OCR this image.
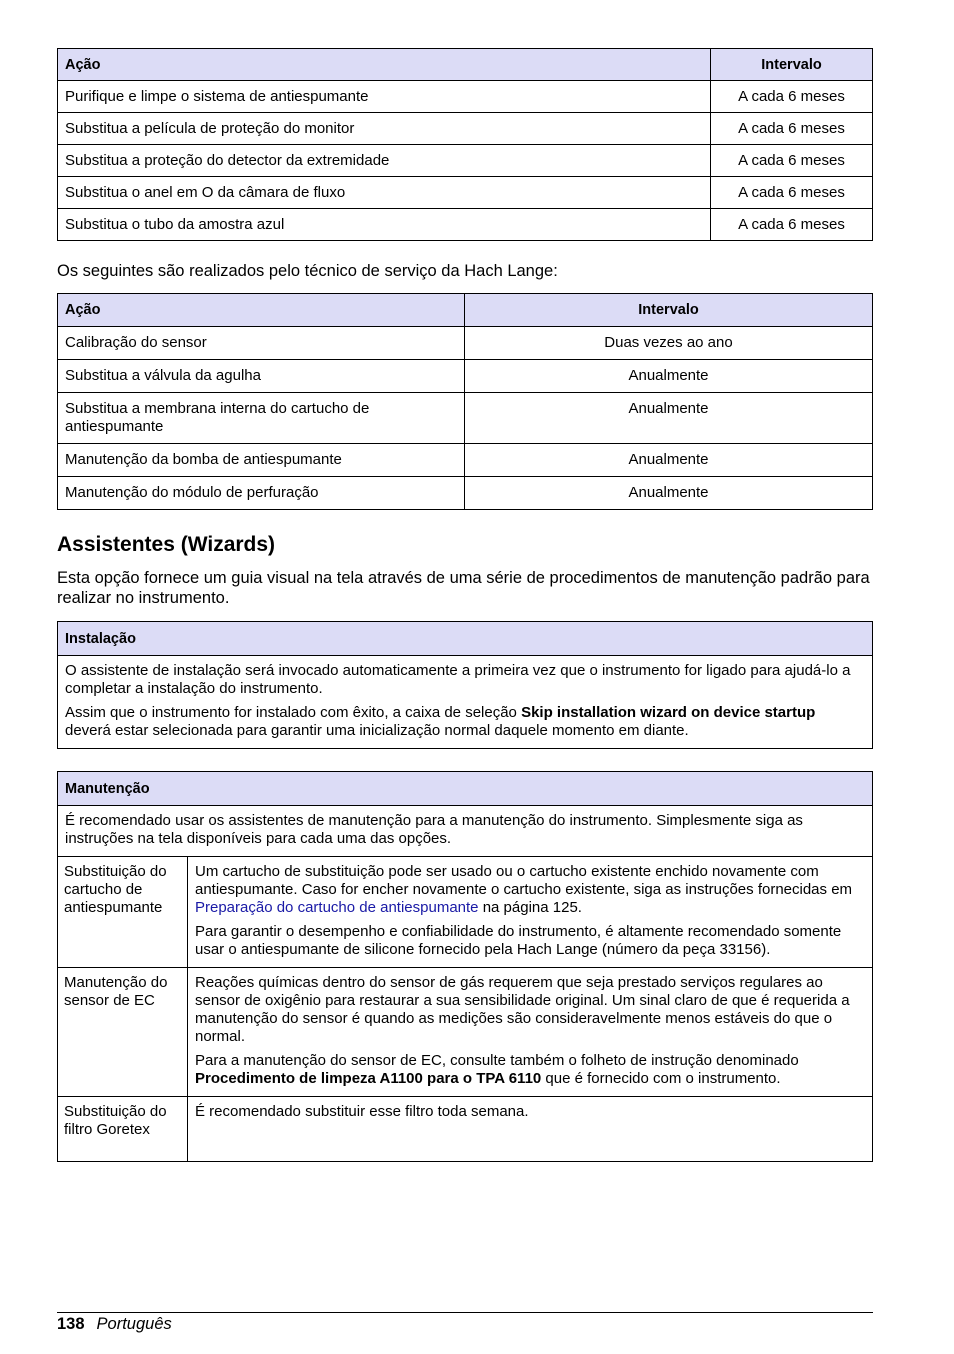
Ação	Intervalo
Purifique e limpe o sistema de antiespumante	A cada 6 meses
Substitua a película de proteção do monitor	A cada 6 meses
Substitua a proteção do detector da extremidade	A cada 6 meses
Substitua o anel em O da câmara de fluxo	A cada 6 meses
Substitua o tubo da amostra azul	A cada 6 meses

Os seguintes são realizados pelo técnico de serviço da Hach Lange:

Ação	Intervalo
Calibração do sensor	Duas vezes ao ano
Substitua a válvula da agulha	Anualmente
Substitua a membrana interna do cartucho de antiespumante	Anualmente
Manutenção da bomba de antiespumante	Anualmente
Manutenção do módulo de perfuração	Anualmente
Assistentes (Wizards)

Esta opção fornece um guia visual na tela através de uma série de procedimentos de manutenção padrão para realizar no instrumento.

Instalação

O assistente de instalação será invocado automaticamente a primeira vez que o instrumento for ligado para ajudá-lo a completar a instalação do instrumento.

Assim que o instrumento for instalado com êxito, a caixa de seleção Skip installation wizard on device startup deverá estar selecionada para garantir uma inicialização normal daquele momento em diante.

Manutenção	
É recomendado usar os assistentes de manutenção para a manutenção do instrumento. Simplesmente siga as instruções na tela disponíveis para cada uma das opções.	
Substituição do cartucho de antiespumante	Um cartucho de substituição pode ser usado ou o cartucho existente enchido novamente com antiespumante. Caso for encher novamente o cartucho existente, siga as instruções fornecidas em Preparação do cartucho de antiespumante na página 125.

Para garantir o desempenho e confiabilidade do instrumento, é altamente recomendado somente usar o antiespumante de silicone fornecido pela Hach Lange (número da peça 33156).

Manutenção do sensor de EC	Reações químicas dentro do sensor de gás requerem que seja prestado serviços regulares ao sensor de oxigênio para restaurar a sua sensibilidade original. Um sinal claro de que é requerida a manutenção do sensor é quando as medições são consideravelmente menos estáveis do que o normal.

Para a manutenção do sensor de EC, consulte também o folheto de instrução denominado Procedimento de limpeza A1100 para o TPA 6110 que é fornecido com o instrumento.

Substituição do filtro Goretex	É recomendado substituir esse filtro toda semana.

138 Português
